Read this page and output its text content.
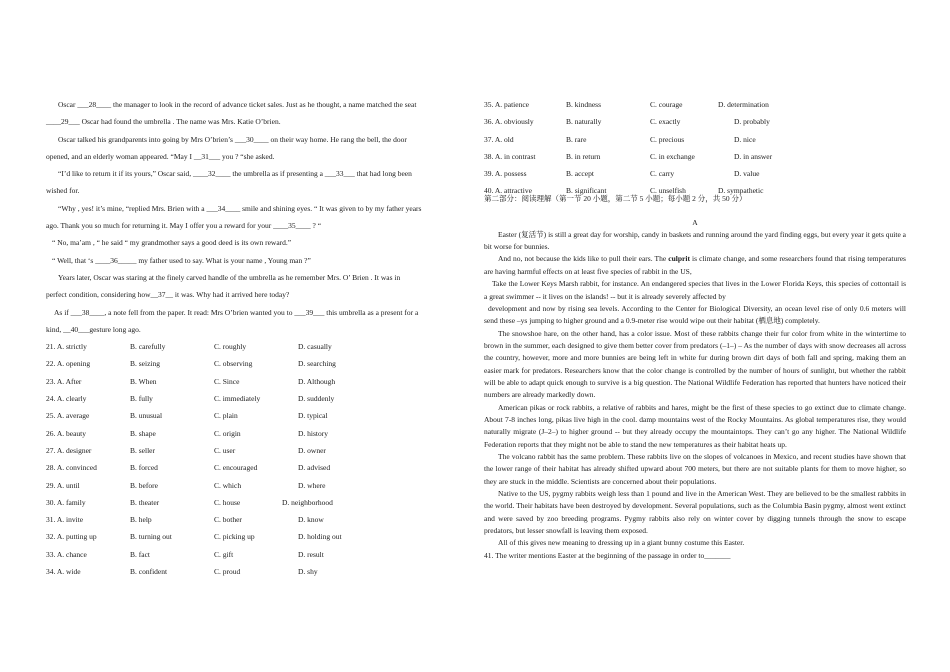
Oscar ___28____ the manager to look in the record of advance ticket sales. Just as he thought, a name matched the seat

____29___ Oscar had found the umbrella . The name was Mrs. Katie O’brien.

Oscar talked his grandparents into going by Mrs O’brien’s ___30____ on their way home. He rang the bell, the door

opened, and an elderly woman appeared. “May I __31___ you ? “she asked.

“I’d like to return it if its yours,” Oscar said, ____32____ the umbrella as if presenting a ___33___ that had long been

wished for.

“Why , yes! it’s mine, “replied Mrs. Brien with a ___34____ smile and shining eyes. “ It was given to by my father years

ago. Thank you so much for returning it. May I offer you a reward for your ____35____ ? “

“ No, ma’am , “ he said “ my grandmother says a good deed is its own reward.”

“ Well, that ‘s ____36_____ my father used to say. What is your name , Young man ?”

Years later, Oscar was staring at the finely carved handle of the umbrella as he remember Mrs. O’ Brien . It was in

perfect condition, considering how__37__ it was. Why had it arrived here today?

As if ___38____, a note fell from the paper. It read: Mrs O’brien wanted you to ___39___ this umbrella as a present for a

kind, __40___gesture long ago.

21. A. strictly	B. carefully	C. roughly	D. casually
22. A. opening	B. seizing	C. observing	D. searching
23. A. After	B. When	C. Since	D. Although
24. A. clearly	B. fully	C. immediately	D. suddenly
25. A. average	B. unusual	C. plain	D. typical
26. A. beauty	B. shape	C. origin	D. history
27. A. designer	B. seller	C. user	D. owner
28. A. convinced	B. forced	C. encouraged	D. advised
29. A. until	B. before	C. which	D. where
30. A. family	B. theater	C. house	D. neighborhood
31. A. invite	B. help	C. bother	D. know
32. A. putting up	B. turning out	C. picking up	D. holding out
33. A. chance	B. fact	C. gift	D. result
34. A. wide	B. confident	C. proud	D. shy
35. A. patience	B. kindness	C. courage	D. determination
36. A. obviously	B. naturally	C. exactly	D. probably
37. A. old	B. rare	C. precious	D. nice
38. A. in contrast	B. in return	C. in exchange	D. in answer
39. A. possess	B. accept	C. carry	D. value
40. A. attractive	B. significant	C. unselfish	D. sympathetic

第二部分：阅读理解（第一节 20 小题，第二节 5 小题；每小题 2 分，共 50 分）

A

Easter (复活节) is still a great day for worship, candy in baskets and running around the yard finding eggs, but every year it gets quite a bit worse for bunnies.

And no, not because the kids like to pull their ears. The culprit is climate change, and some researchers found that rising temperatures are having harmful effects on at least five species of rabbit in the US,

Take the Lower Keys Marsh rabbit, for instance. An endangered species that lives in the Lower Florida Keys, this species of cottontail is a great swimmer -- it lives on the islands! -- but it is already severely affected by

development and now by rising sea levels. According to the Center for Biological Diversity, an ocean level rise of only 0.6 meters will send these –ys jumping to higher ground and a 0.9-meter rise would wipe out their habitat (栖息地) completely.

The snowshoe hare, on the other hand, has a color issue. Most of these rabbits change their fur color from white in the wintertime to brown in the summer, each designed to give them better cover from predators (–1–) – As the number of days with snow decreases all across the country, however, more and more bunnies are being left in white fur during brown dirt days of both fall and spring, making them an easier mark for predators. Researchers know that the color change is controlled by the number of hours of sunlight, but whether the rabbit will be able to adapt quick enough to survive is a big question. The National Wildlife Federation has reported that hunters have noticed their numbers are already markedly down.

American pikas or rock rabbits, a relative of rabbits and hares, might be the first of these species to go extinct due to climate change. About 7-8 inches long, pikas live high in the cool. damp mountains west of the Rocky Mountains. As global temperatures rise, they would naturally migrate (J–2–) to higher ground -- but they already occupy the mountaintops. They can’t go any higher. The National Wildlife Federation reports that they might not be able to stand the new temperatures as their habitat heats up.

The volcano rabbit has the same problem. These rabbits live on the slopes of volcanoes in Mexico, and recent studies have shown that the lower range of their habitat has already shifted upward about 700 meters, but there are not suitable plants for them to move higher, so they are stuck in the middle. Scientists are concerned about their populations.

Native to the US, pygmy rabbits weigh less than 1 pound and live in the American West. They are believed to be the smallest rabbits in the world. Their habitats have been destroyed by development. Several populations, such as the Columbia Basin pygmy, almost went extinct and were saved by zoo breeding programs. Pygmy rabbits also rely on winter cover by digging tunnels through the snow to escape predators, but lesser snowfall is leaving them exposed.

All of this gives new meaning to dressing up in a giant bunny costume this Easter.

41. The writer mentions Easter at the beginning of the passage in order to_______
